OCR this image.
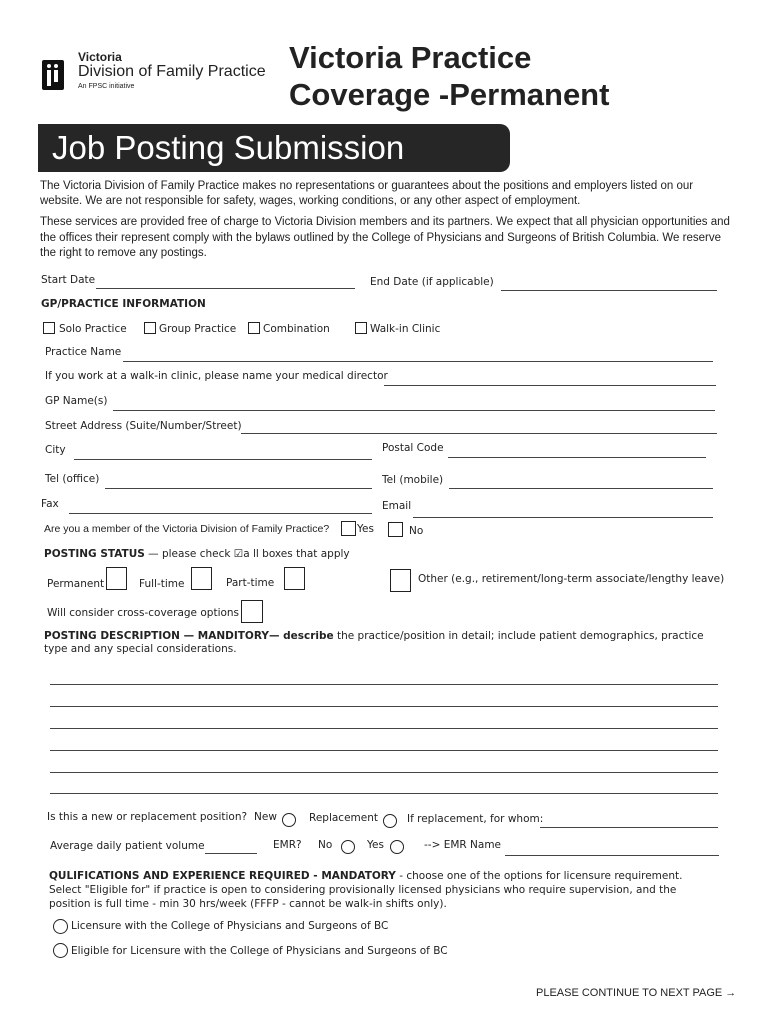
Victoria
Division of Family Practice
An FPSC initiative
Victoria Practice
Coverage -Permanent
Job Posting Submission
The Victoria Division of Family Practice makes no representations or guarantees about the positions and employers listed on our website. We are not responsible for safety, wages, working conditions, or any other aspect of employment.
These services are provided free of charge to Victoria Division members and its partners. We expect that all physician opportunities and the offices their represent comply with the bylaws outlined by the College of Physicians and Surgeons of British Columbia. We reserve the right to remove any postings.
Start Date	End Date (if applicable)
GP/PRACTICE INFORMATION
Solo Practice	Group Practice	Combination	Walk-in Clinic
Practice Name
If you work at a walk-in clinic, please name your medical director
GP Name(s)
Street Address (Suite/Number/Street)
City	Postal Code
Tel (office)	Tel (mobile)
Fax	Email
Are you a member of the Victoria Division of Family Practice?	Yes	No
POSTING STATUS — please check ☑a ll boxes that apply
Permanent	Full-time	Part-time	Other (e.g., retirement/long-term associate/lengthy leave)
Will consider cross-coverage options
POSTING DESCRIPTION — MANDITORY— describe the practice/position in detail; include patient demographics, practice type and any special considerations.
Is this a new or replacement position? New	Replacement	If replacement, for whom:
Average daily patient volume	EMR? No	Yes	--> EMR Name
QULIFICATIONS AND EXPERIENCE REQUIRED - MANDATORY - choose one of the options for licensure requirement. Select "Eligible for" if practice is open to considering provisionally licensed physicians who require supervision, and the position is full time - min 30 hrs/week (FFFP - cannot be walk-in shifts only).
Licensure with the College of Physicians and Surgeons of BC
Eligible for Licensure with the College of Physicians and Surgeons of BC
PLEASE CONTINUE TO NEXT PAGE →
